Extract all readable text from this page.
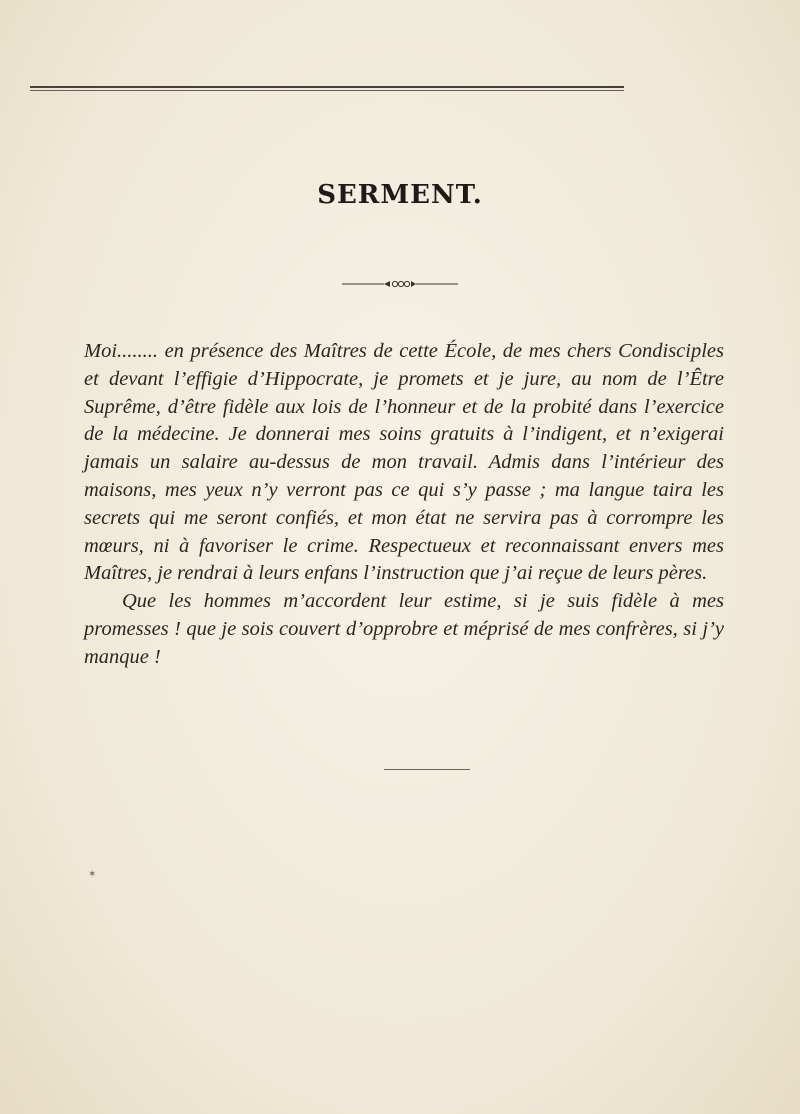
SERMENT.

Moi........ en présence des Maîtres de cette École, de mes chers Condisciples et devant l’effigie d’Hippocrate, je promets et je jure, au nom de l’Être Suprême, d’être fidèle aux lois de l’honneur et de la probité dans l’exercice de la médecine. Je donnerai mes soins gratuits à l’indigent, et n’exigerai jamais un salaire au-dessus de mon travail. Admis dans l’intérieur des maisons, mes yeux n’y verront pas ce qui s’y passe ; ma langue taira les secrets qui me seront confiés, et mon état ne servira pas à corrompre les mœurs, ni à favoriser le crime. Respectueux et reconnaissant envers mes Maîtres, je rendrai à leurs enfans l’instruction que j’ai reçue de leurs pères.

Que les hommes m’accordent leur estime, si je suis fidèle à mes promesses ! que je sois couvert d’opprobre et méprisé de mes confrères, si j’y manque !

✶
